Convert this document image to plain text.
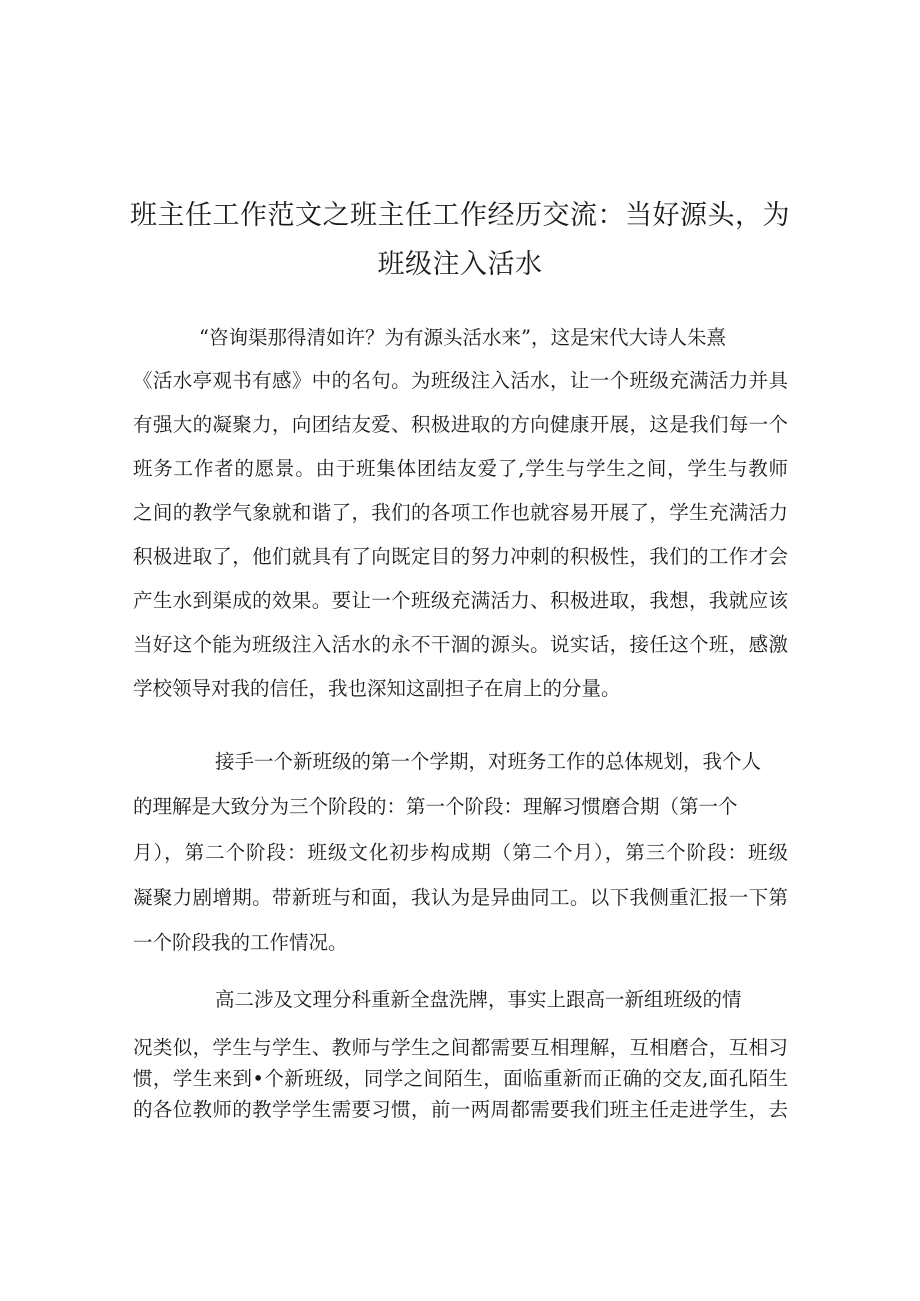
班主任工作范文之班主任工作经历交流：当好源头，为
班级注入活水

“咨询渠那得清如许？为有源头活水来”，这是宋代大诗人朱熹

《活水亭观书有感》中的名句。为班级注入活水，让一个班级充满活力并具

有强大的凝聚力，向团结友爱、积极进取的方向健康开展，这是我们每一个

班务工作者的愿景。由于班集体团结友爱了,学生与学生之间，学生与教师

之间的教学气象就和谐了，我们的各项工作也就容易开展了，学生充满活力

积极进取了，他们就具有了向既定目的努力冲刺的积极性，我们的工作才会

产生水到渠成的效果。要让一个班级充满活力、积极进取，我想，我就应该

当好这个能为班级注入活水的永不干涸的源头。说实话，接任这个班，感激

学校领导对我的信任，我也深知这副担子在肩上的分量。

接手一个新班级的第一个学期，对班务工作的总体规划，我个人

的理解是大致分为三个阶段的：第一个阶段：理解习惯磨合期（第一个

月），第二个阶段：班级文化初步构成期（第二个月），第三个阶段：班级

凝聚力剧增期。带新班与和面，我认为是异曲同工。以下我侧重汇报一下第

一个阶段我的工作情况。

高二涉及文理分科重新全盘洗牌，事实上跟高一新组班级的情

况类似，学生与学生、教师与学生之间都需要互相理解，互相磨合，互相习

惯，学生来到•个新班级，同学之间陌生，面临重新而正确的交友,面孔陌生

的各位教师的教学学生需要习惯，前一两周都需要我们班主任走进学生，去
